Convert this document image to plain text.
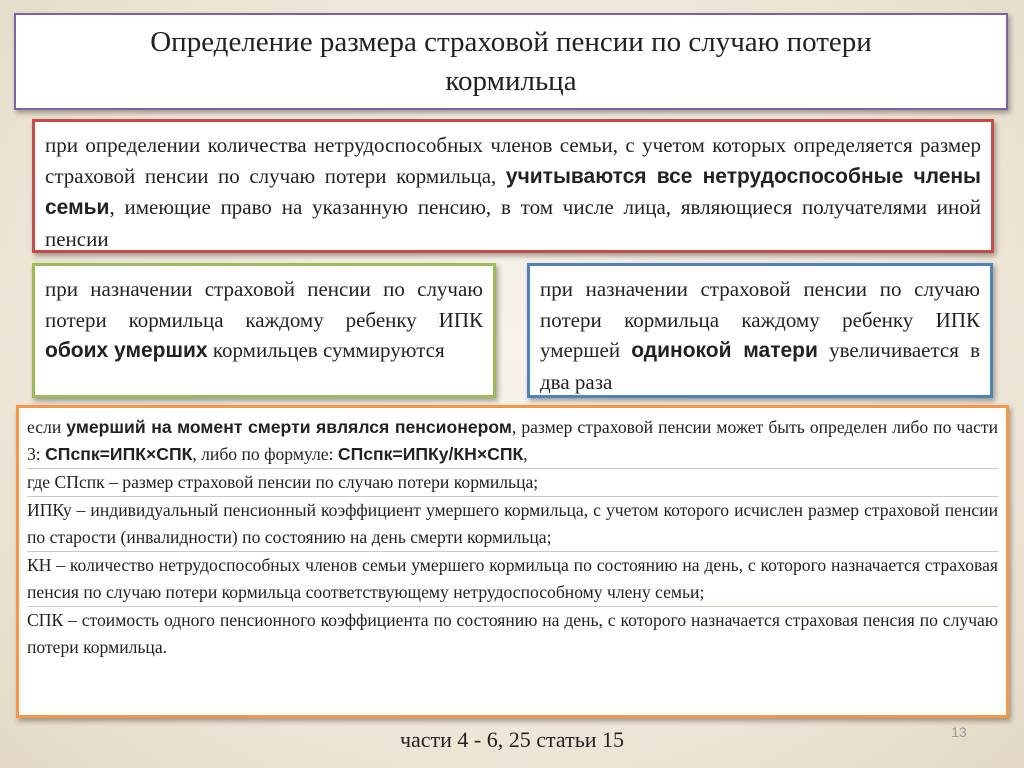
Определение размера страховой пенсии по случаю потери кормильца
при определении количества нетрудоспособных членов семьи, с учетом которых определяется размер страховой пенсии по случаю потери кормильца, учитываются все нетрудоспособные члены семьи, имеющие право на указанную пенсию, в том числе лица, являющиеся получателями иной пенсии
при назначении страховой пенсии по случаю потери кормильца каждому ребенку ИПК обоих умерших кормильцев суммируются
при назначении страховой пенсии по случаю потери кормильца каждому ребенку ИПК умершей одинокой матери увеличивается в два раза
если умерший на момент смерти являлся пенсионером, размер страховой пенсии может быть определен либо по части 3: СПспк=ИПК×СПК, либо по формуле: СПспк=ИПКу/КН×СПК,
где СПспк – размер страховой пенсии по случаю потери кормильца;
ИПКу – индивидуальный пенсионный коэффициент умершего кормильца, с учетом которого исчислен размер страховой пенсии по старости (инвалидности) по состоянию на день смерти кормильца;
КН – количество нетрудоспособных членов семьи умершего кормильца по состоянию на день, с которого назначается страховая пенсия по случаю потери кормильца соответствующему нетрудоспособному члену семьи;
СПК – стоимость одного пенсионного коэффициента по состоянию на день, с которого назначается страховая пенсия по случаю потери кормильца.
части 4 - 6, 25 статьи 15	13
